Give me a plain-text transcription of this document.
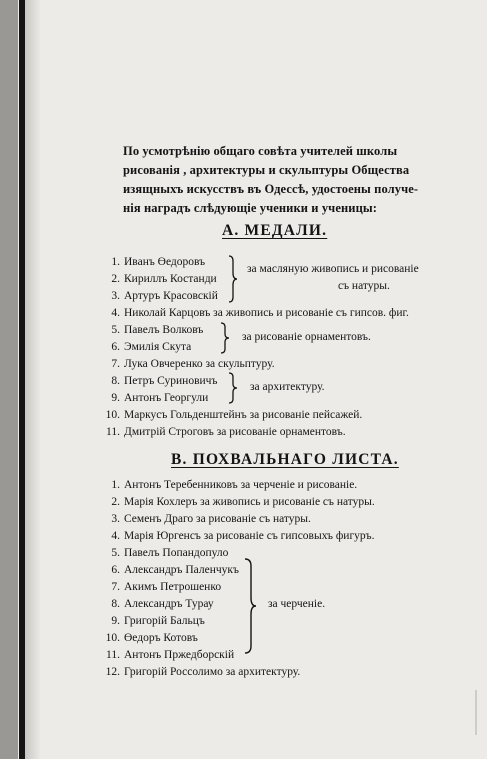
По усмотрѣнію общаго совѣта учителей школы
рисованія , архитектуры и скульптуры Общества
изящныхъ искусствъ въ Одессѣ, удостоены получе-
нія наградъ слѣдующіе ученики и ученицы:
А. МЕДАЛИ.
1. Иванъ Өедоровъ
2. Кириллъ Костанди
3. Артуръ Красовскій
4. Николай Карцовъ за живопись и рисованіе съ гипсов. фиг.
5. Павелъ Волковъ
6. Эмилія Скута
7. Лука Овчеренко за скульптуру.
8. Петръ Суриновичъ
9. Антонъ Георгули
10. Маркусъ Гольденштейнъ за рисованіе пейсажей.
11. Дмитрій Строговъ за рисованіе орнаментовъ.
за масляную живопись и рисованіе
съ натуры.
за рисованіе орнаментовъ.
за архитектуру.
В. ПОХВАЛЬНАГО ЛИСТА.
1. Антонъ Теребенниковъ за черченіе и рисованіе.
2. Марія Кохлеръ за живопись и рисованіе съ натуры.
3. Семенъ Драго за рисованіе съ натуры.
4. Марія Юргенсъ за рисованіе съ гипсовыхъ фигуръ.
5. Павелъ Попандопуло
6. Александръ Паленчукъ
7. Акимъ Петрошенко
8. Александръ Турау
9. Григорій Бальцъ
10. Өедоръ Котовъ
11. Антонъ Пржедборскій
12. Григорій Россолимо за архитектуру.
за черченіе.
